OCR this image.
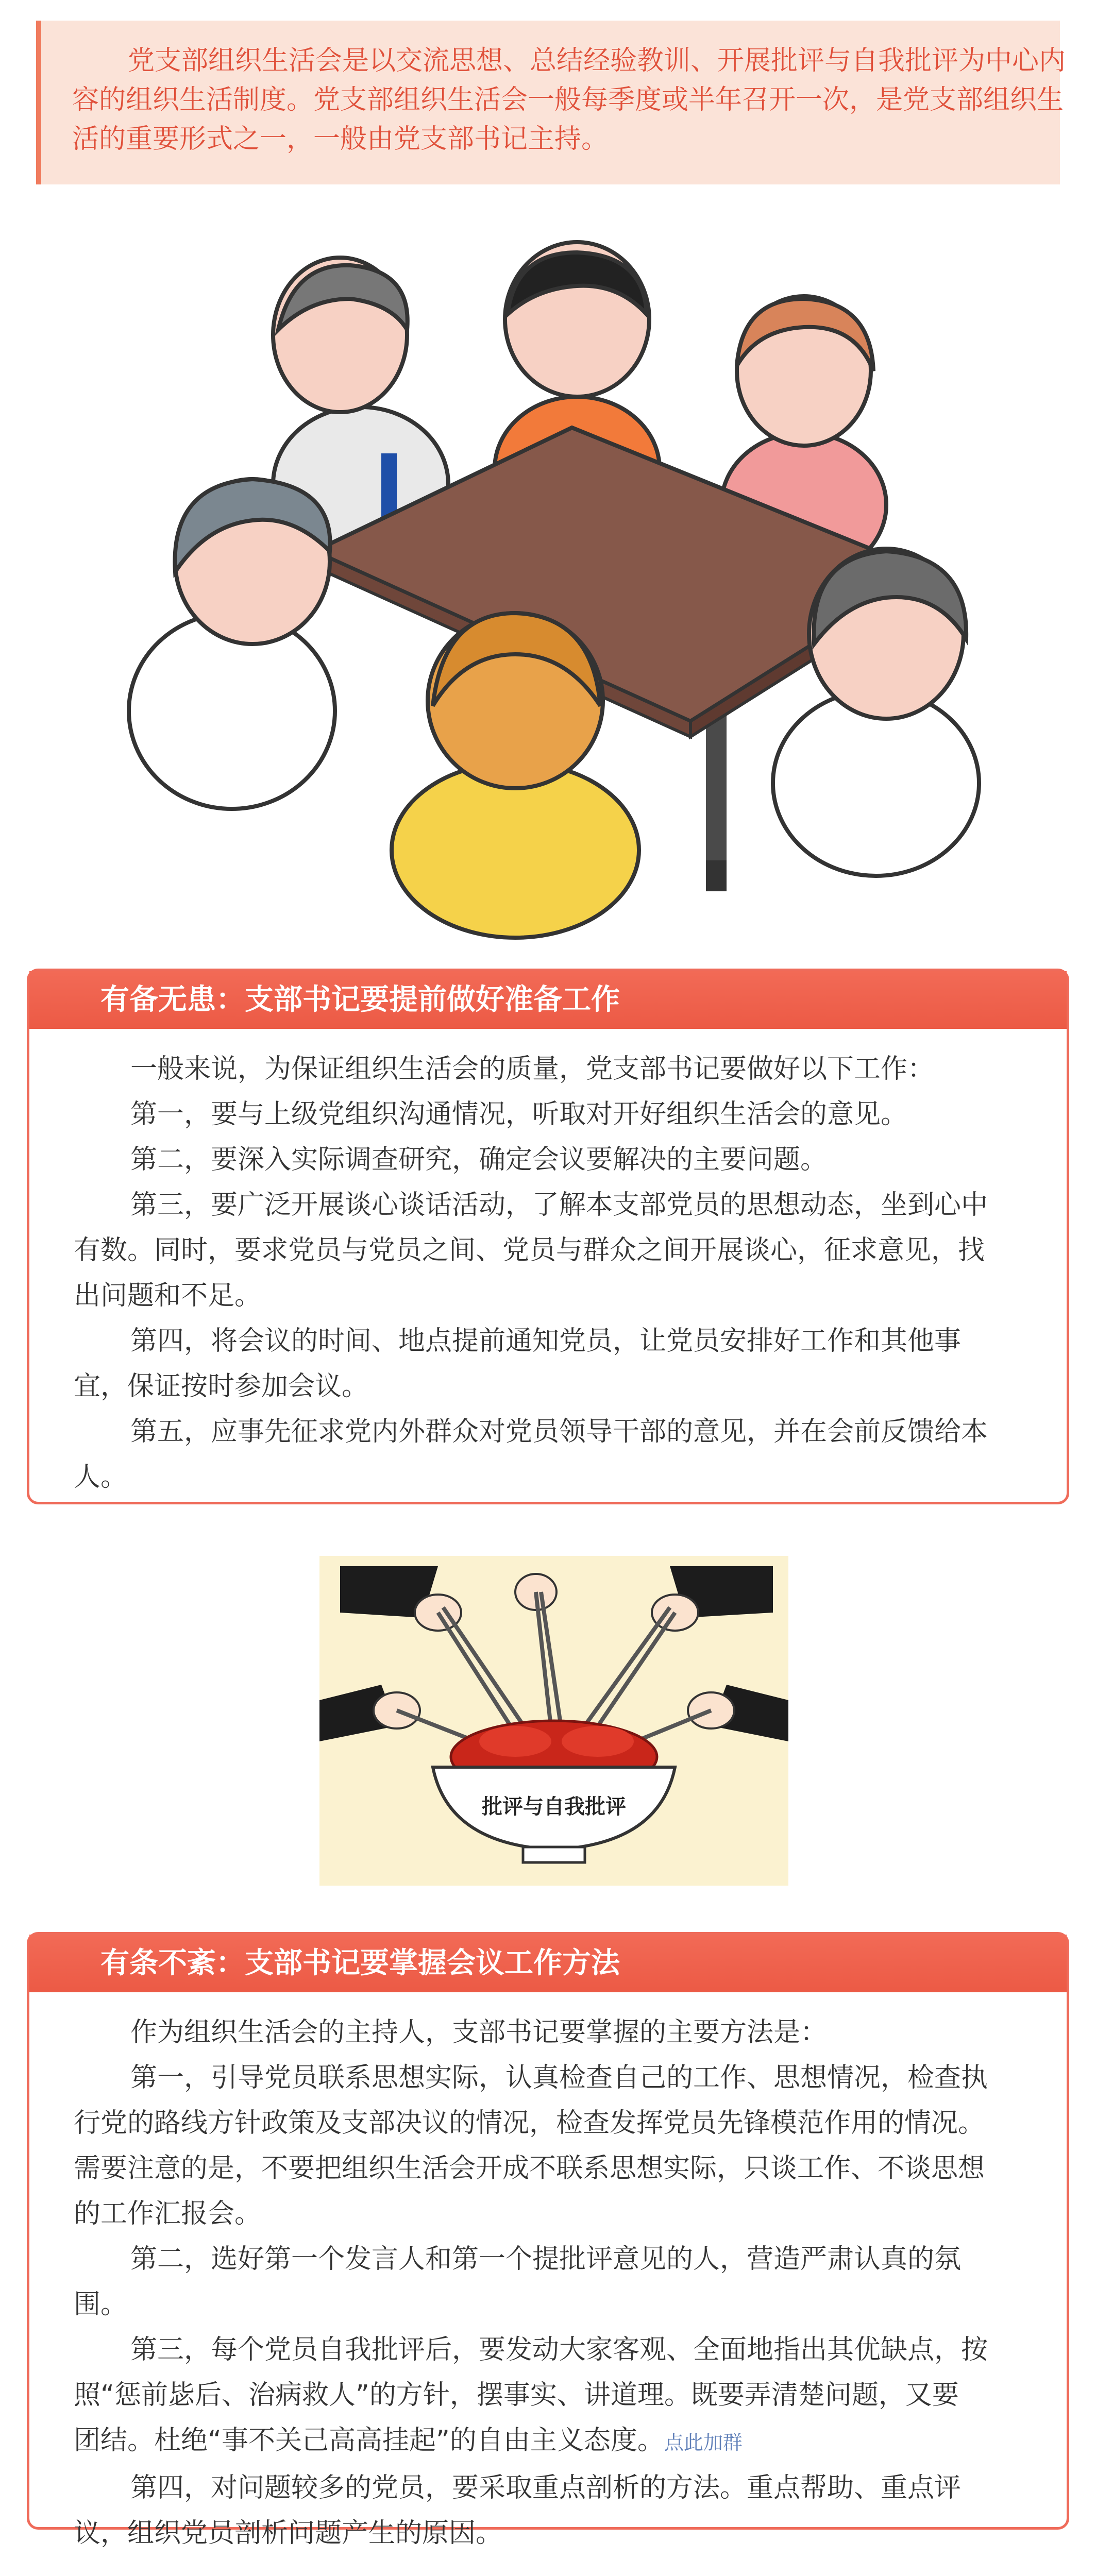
党支部组织生活会是以交流思想、总结经验教训、开展批评与自我批评为中心内
容的组织生活制度。党支部组织生活会一般每季度或半年召开一次，是党支部组织生
活的重要形式之一，一般由党支部书记主持。
有备无患：支部书记要提前做好准备工作
一般来说，为保证组织生活会的质量，党支部书记要做好以下工作：
第一，要与上级党组织沟通情况，听取对开好组织生活会的意见。
第二，要深入实际调查研究，确定会议要解决的主要问题。
第三，要广泛开展谈心谈话活动，了解本支部党员的思想动态，坐到心中
有数。同时，要求党员与党员之间、党员与群众之间开展谈心，征求意见，找
出问题和不足。
第四，将会议的时间、地点提前通知党员，让党员安排好工作和其他事
宜，保证按时参加会议。
第五，应事先征求党内外群众对党员领导干部的意见，并在会前反馈给本
人。
批评与自我批评
有条不紊：支部书记要掌握会议工作方法
作为组织生活会的主持人，支部书记要掌握的主要方法是：
第一，引导党员联系思想实际，认真检查自己的工作、思想情况，检查执
行党的路线方针政策及支部决议的情况，检查发挥党员先锋模范作用的情况。
需要注意的是，不要把组织生活会开成不联系思想实际，只谈工作、不谈思想
的工作汇报会。
第二，选好第一个发言人和第一个提批评意见的人，营造严肃认真的氛
围。
第三，每个党员自我批评后，要发动大家客观、全面地指出其优缺点，按
照“惩前毖后、治病救人”的方针，摆事实、讲道理。既要弄清楚问题，又要
团结。杜绝“事不关己高高挂起”的自由主义态度。点此加群
第四，对问题较多的党员，要采取重点剖析的方法。重点帮助、重点评
议，组织党员剖析问题产生的原因。
